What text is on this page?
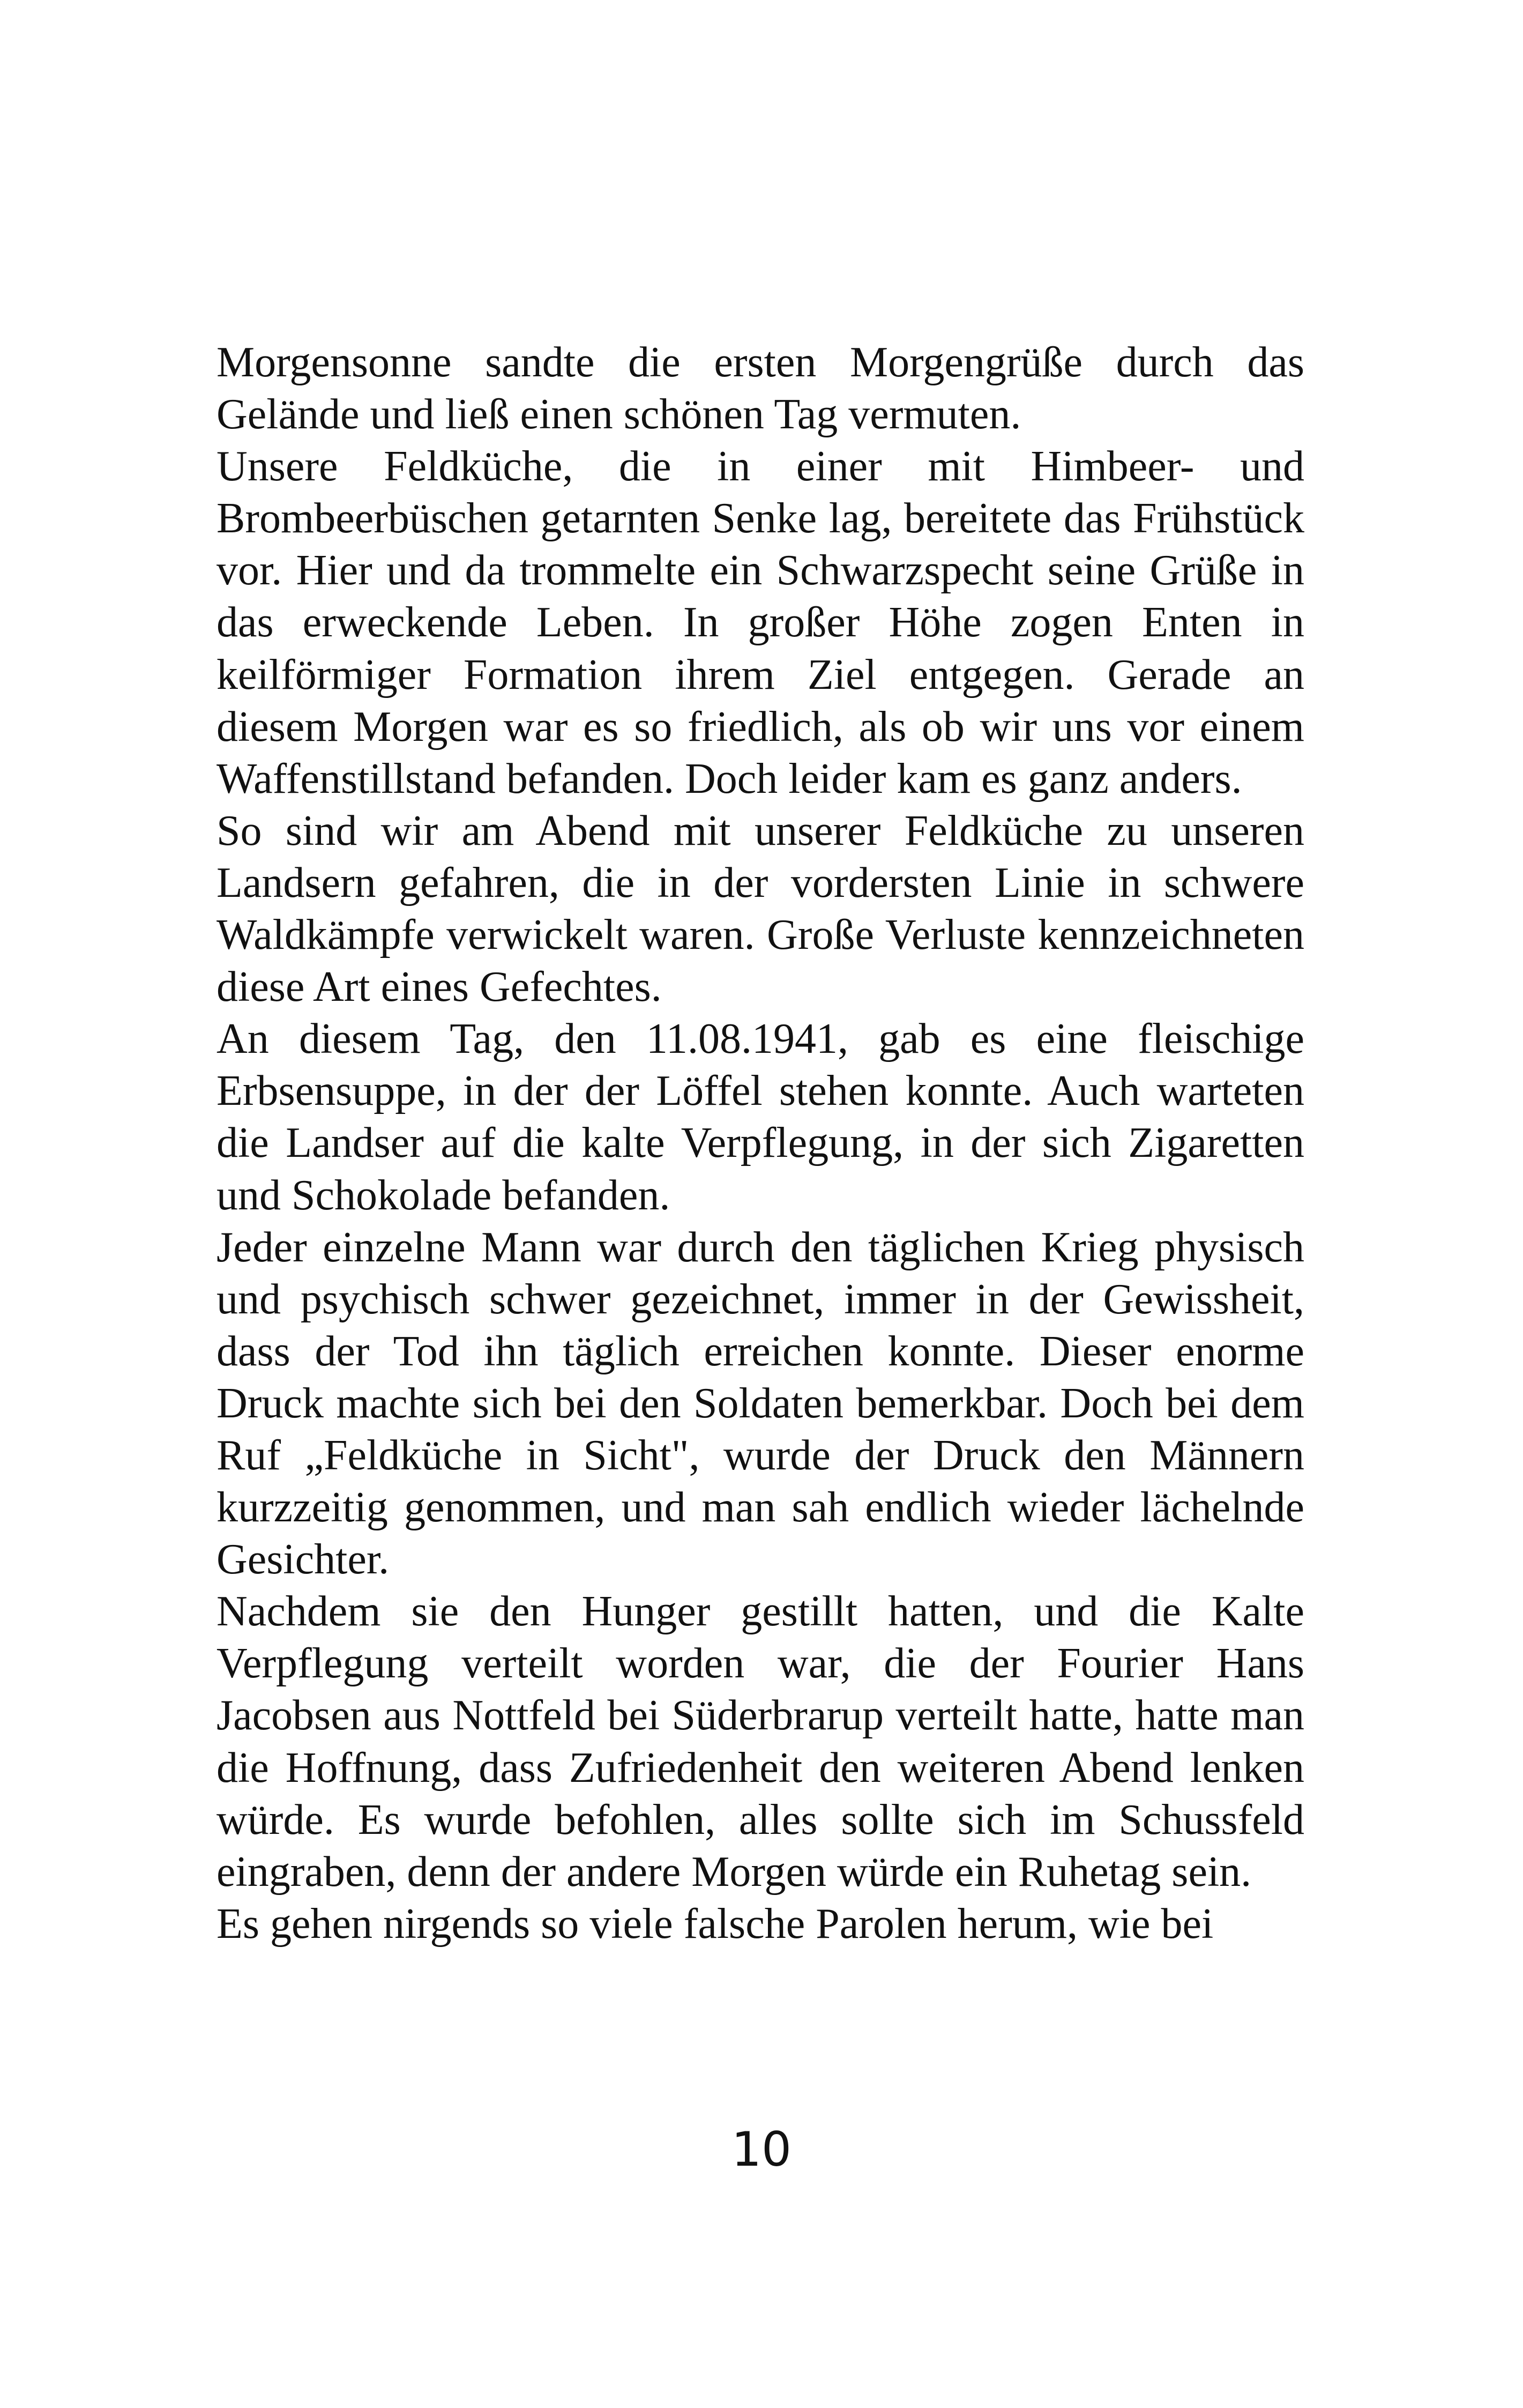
Morgensonne sandte die ersten Morgengrüße durch das Gelände und ließ einen schönen Tag vermuten.

Unsere Feldküche, die in einer mit Himbeer- und Brombeerbüschen getarnten Senke lag, bereitete das Frühstück vor. Hier und da trommelte ein Schwarzspecht seine Grüße in das erweckende Leben. In großer Höhe zogen Enten in keilförmiger Formation ihrem Ziel entgegen. Gerade an diesem Morgen war es so friedlich, als ob wir uns vor einem Waffenstillstand befanden. Doch leider kam es ganz anders.

So sind wir am Abend mit unserer Feldküche zu unseren Landsern gefahren, die in der vordersten Linie in schwere Waldkämpfe verwickelt waren. Große Verluste kennzeichneten diese Art eines Gefechtes.

An diesem Tag, den 11.08.1941, gab es eine fleischige Erbsensuppe, in der der Löffel stehen konnte. Auch warteten die Landser auf die kalte Verpflegung, in der sich Zigaretten und Schokolade befanden.

Jeder einzelne Mann war durch den täglichen Krieg physisch und psychisch schwer gezeichnet, immer in der Gewissheit, dass der Tod ihn täglich erreichen konnte. Dieser enorme Druck machte sich bei den Soldaten bemerkbar. Doch bei dem Ruf „Feldküche in Sicht", wurde der Druck den Männern kurzzeitig genommen, und man sah endlich wieder lächelnde Gesichter.

Nachdem sie den Hunger gestillt hatten, und die Kalte Verpflegung verteilt worden war, die der Fourier Hans Jacobsen aus Nottfeld bei Süderbrarup verteilt hatte, hatte man die Hoffnung, dass Zufriedenheit den weiteren Abend lenken würde. Es wurde befohlen, alles sollte sich im Schussfeld eingraben, denn der andere Morgen würde ein Ruhetag sein.

Es gehen nirgends so viele falsche Parolen herum, wie bei

10
